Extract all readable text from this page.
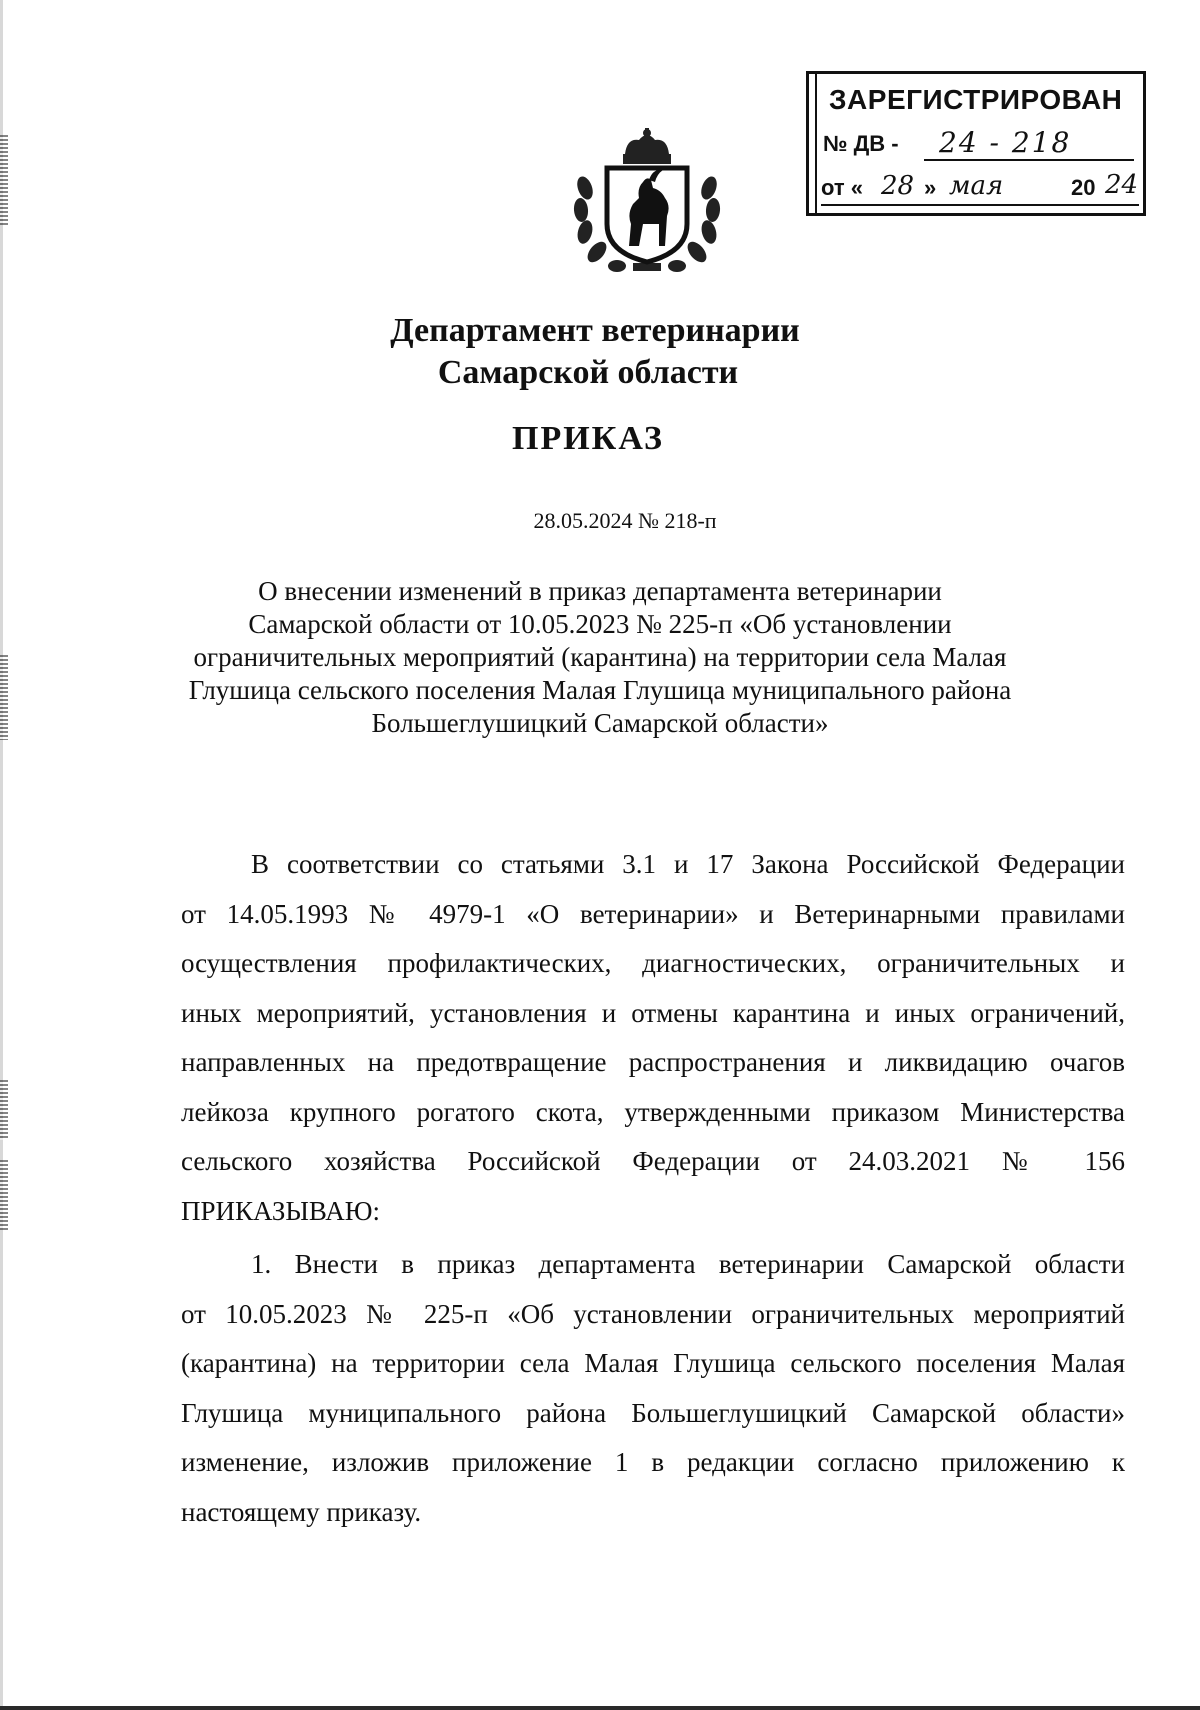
ЗАРЕГИСТРИРОВАН
№ ДВ - 24 - 218
от « 28 » мая	20 24
Департамент ветеринарии
Самарской области
ПРИКАЗ
28.05.2024 № 218-п
О внесении изменений в приказ департамента ветеринарии
Самарской области от 10.05.2023 № 225-п «Об установлении
ограничительных мероприятий (карантина) на территории села Малая
Глушица сельского поселения Малая Глушица муниципального района
Большеглушицкий Самарской области»
В соответствии со статьями 3.1 и 17 Закона Российской Федерации
от 14.05.1993 № 4979-1 «О ветеринарии» и Ветеринарными правилами
осуществления профилактических, диагностических, ограничительных и
иных мероприятий, установления и отмены карантина и иных ограничений,
направленных на предотвращение распространения и ликвидацию очагов
лейкоза крупного рогатого скота, утвержденными приказом Министерства
сельского хозяйства Российской Федерации от 24.03.2021 № 156
ПРИКАЗЫВАЮ:
1. Внести в приказ департамента ветеринарии Самарской области
от 10.05.2023 № 225-п «Об установлении ограничительных мероприятий
(карантина) на территории села Малая Глушица сельского поселения Малая
Глушица муниципального района Большеглушицкий Самарской области»
изменение, изложив приложение 1 в редакции согласно приложению к
настоящему приказу.
